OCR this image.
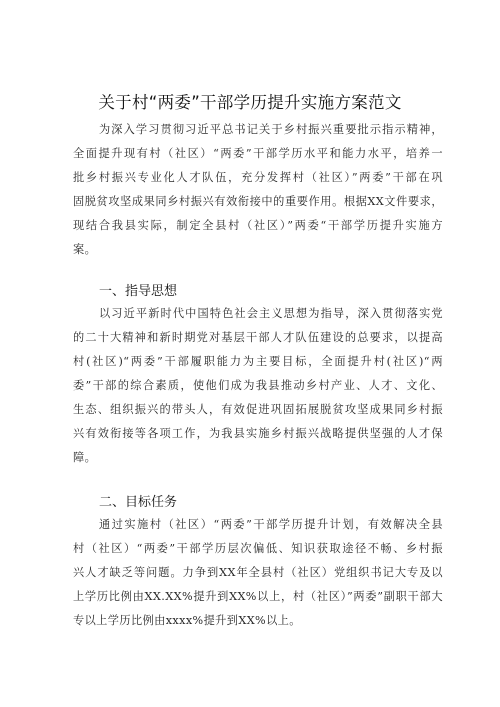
关于村“两委”干部学历提升实施方案范文
为深入学习贯彻习近平总书记关于乡村振兴重要批示指示精神，
全面提升现有村（社区）“两委”干部学历水平和能力水平，培养一
批乡村振兴专业化人才队伍，充分发挥村（社区）”两委”干部在巩
固脱贫攻坚成果同乡村振兴有效衔接中的重要作用。根据XX文件要求，
现结合我县实际，制定全县村（社区）”两委“干部学历提升实施方
案。
一、指导思想
以习近平新时代中国特色社会主义思想为指导，深入贯彻落实党
的二十大精神和新时期党对基层干部人才队伍建设的总要求，以提高
村(社区)“两委”干部履职能力为主要目标，全面提升村(社区)“两
委”干部的综合素质，使他们成为我县推动乡村产业、人才、文化、
生态、组织振兴的带头人，有效促进巩固拓展脱贫攻坚成果同乡村振
兴有效衔接等各项工作，为我县实施乡村振兴战略提供坚强的人才保
障。
二、目标任务
通过实施村（社区）“两委”干部学历提升计划，有效解决全县
村（社区）“两委”干部学历层次偏低、知识获取途径不畅、乡村振
兴人才缺乏等问题。力争到XX年全县村（社区）党组织书记大专及以
上学历比例由XX.XX%提升到XX%以上，村（社区）”两委”副职干部大
专以上学历比例由xxxx%提升到XX%以上。
